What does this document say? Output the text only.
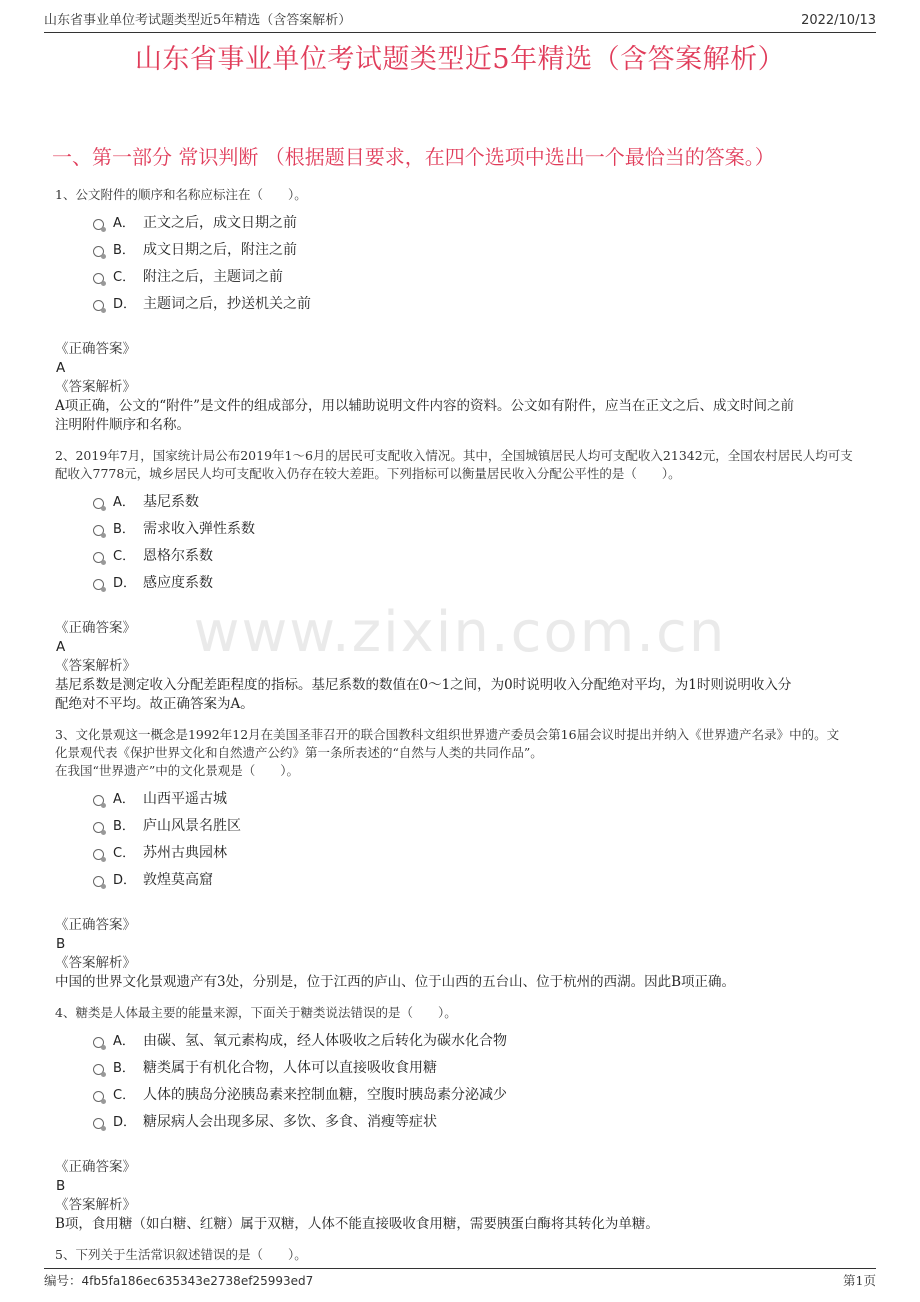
山东省事业单位考试题类型近5年精选（含答案解析）	2022/10/13
山东省事业单位考试题类型近5年精选（含答案解析）
一、第一部分 常识判断 （根据题目要求，在四个选项中选出一个最恰当的答案。）
www.zixin.com.cn
1、公文附件的顺序和名称应标注在（　　）。
A． 正文之后，成文日期之前
B． 成文日期之后，附注之前
C． 附注之后，主题词之前
D． 主题词之后，抄送机关之前
《正确答案》
A
《答案解析》
A项正确，公文的“附件”是文件的组成部分，用以辅助说明文件内容的资料。公文如有附件，应当在正文之后、成文时间之前
注明附件顺序和名称。
2、2019年7月，国家统计局公布2019年1～6月的居民可支配收入情况。其中，全国城镇居民人均可支配收入21342元，全国农村居民人均可支
配收入7778元，城乡居民人均可支配收入仍存在较大差距。下列指标可以衡量居民收入分配公平性的是（　　）。
A． 基尼系数
B． 需求收入弹性系数
C． 恩格尔系数
D． 感应度系数
《正确答案》
A
《答案解析》
基尼系数是测定收入分配差距程度的指标。基尼系数的数值在0～1之间，为0时说明收入分配绝对平均，为1时则说明收入分
配绝对不平均。故正确答案为A。
3、文化景观这一概念是1992年12月在美国圣菲召开的联合国教科文组织世界遗产委员会第16届会议时提出并纳入《世界遗产名录》中的。文
化景观代表《保护世界文化和自然遗产公约》第一条所表述的“自然与人类的共同作品”。
在我国“世界遗产”中的文化景观是（　　）。
A． 山西平遥古城
B． 庐山风景名胜区
C． 苏州古典园林
D． 敦煌莫高窟
《正确答案》
B
《答案解析》
中国的世界文化景观遗产有3处，分别是，位于江西的庐山、位于山西的五台山、位于杭州的西湖。因此B项正确。
4、糖类是人体最主要的能量来源，下面关于糖类说法错误的是（　　）。
A． 由碳、氢、氧元素构成，经人体吸收之后转化为碳水化合物
B． 糖类属于有机化合物，人体可以直接吸收食用糖
C． 人体的胰岛分泌胰岛素来控制血糖，空腹时胰岛素分泌减少
D． 糖尿病人会出现多尿、多饮、多食、消瘦等症状
《正确答案》
B
《答案解析》
B项，食用糖（如白糖、红糖）属于双糖，人体不能直接吸收食用糖，需要胰蛋白酶将其转化为单糖。
5、下列关于生活常识叙述错误的是（　　）。
编号：4fb5fa186ec635343e2738ef25993ed7	第1页
